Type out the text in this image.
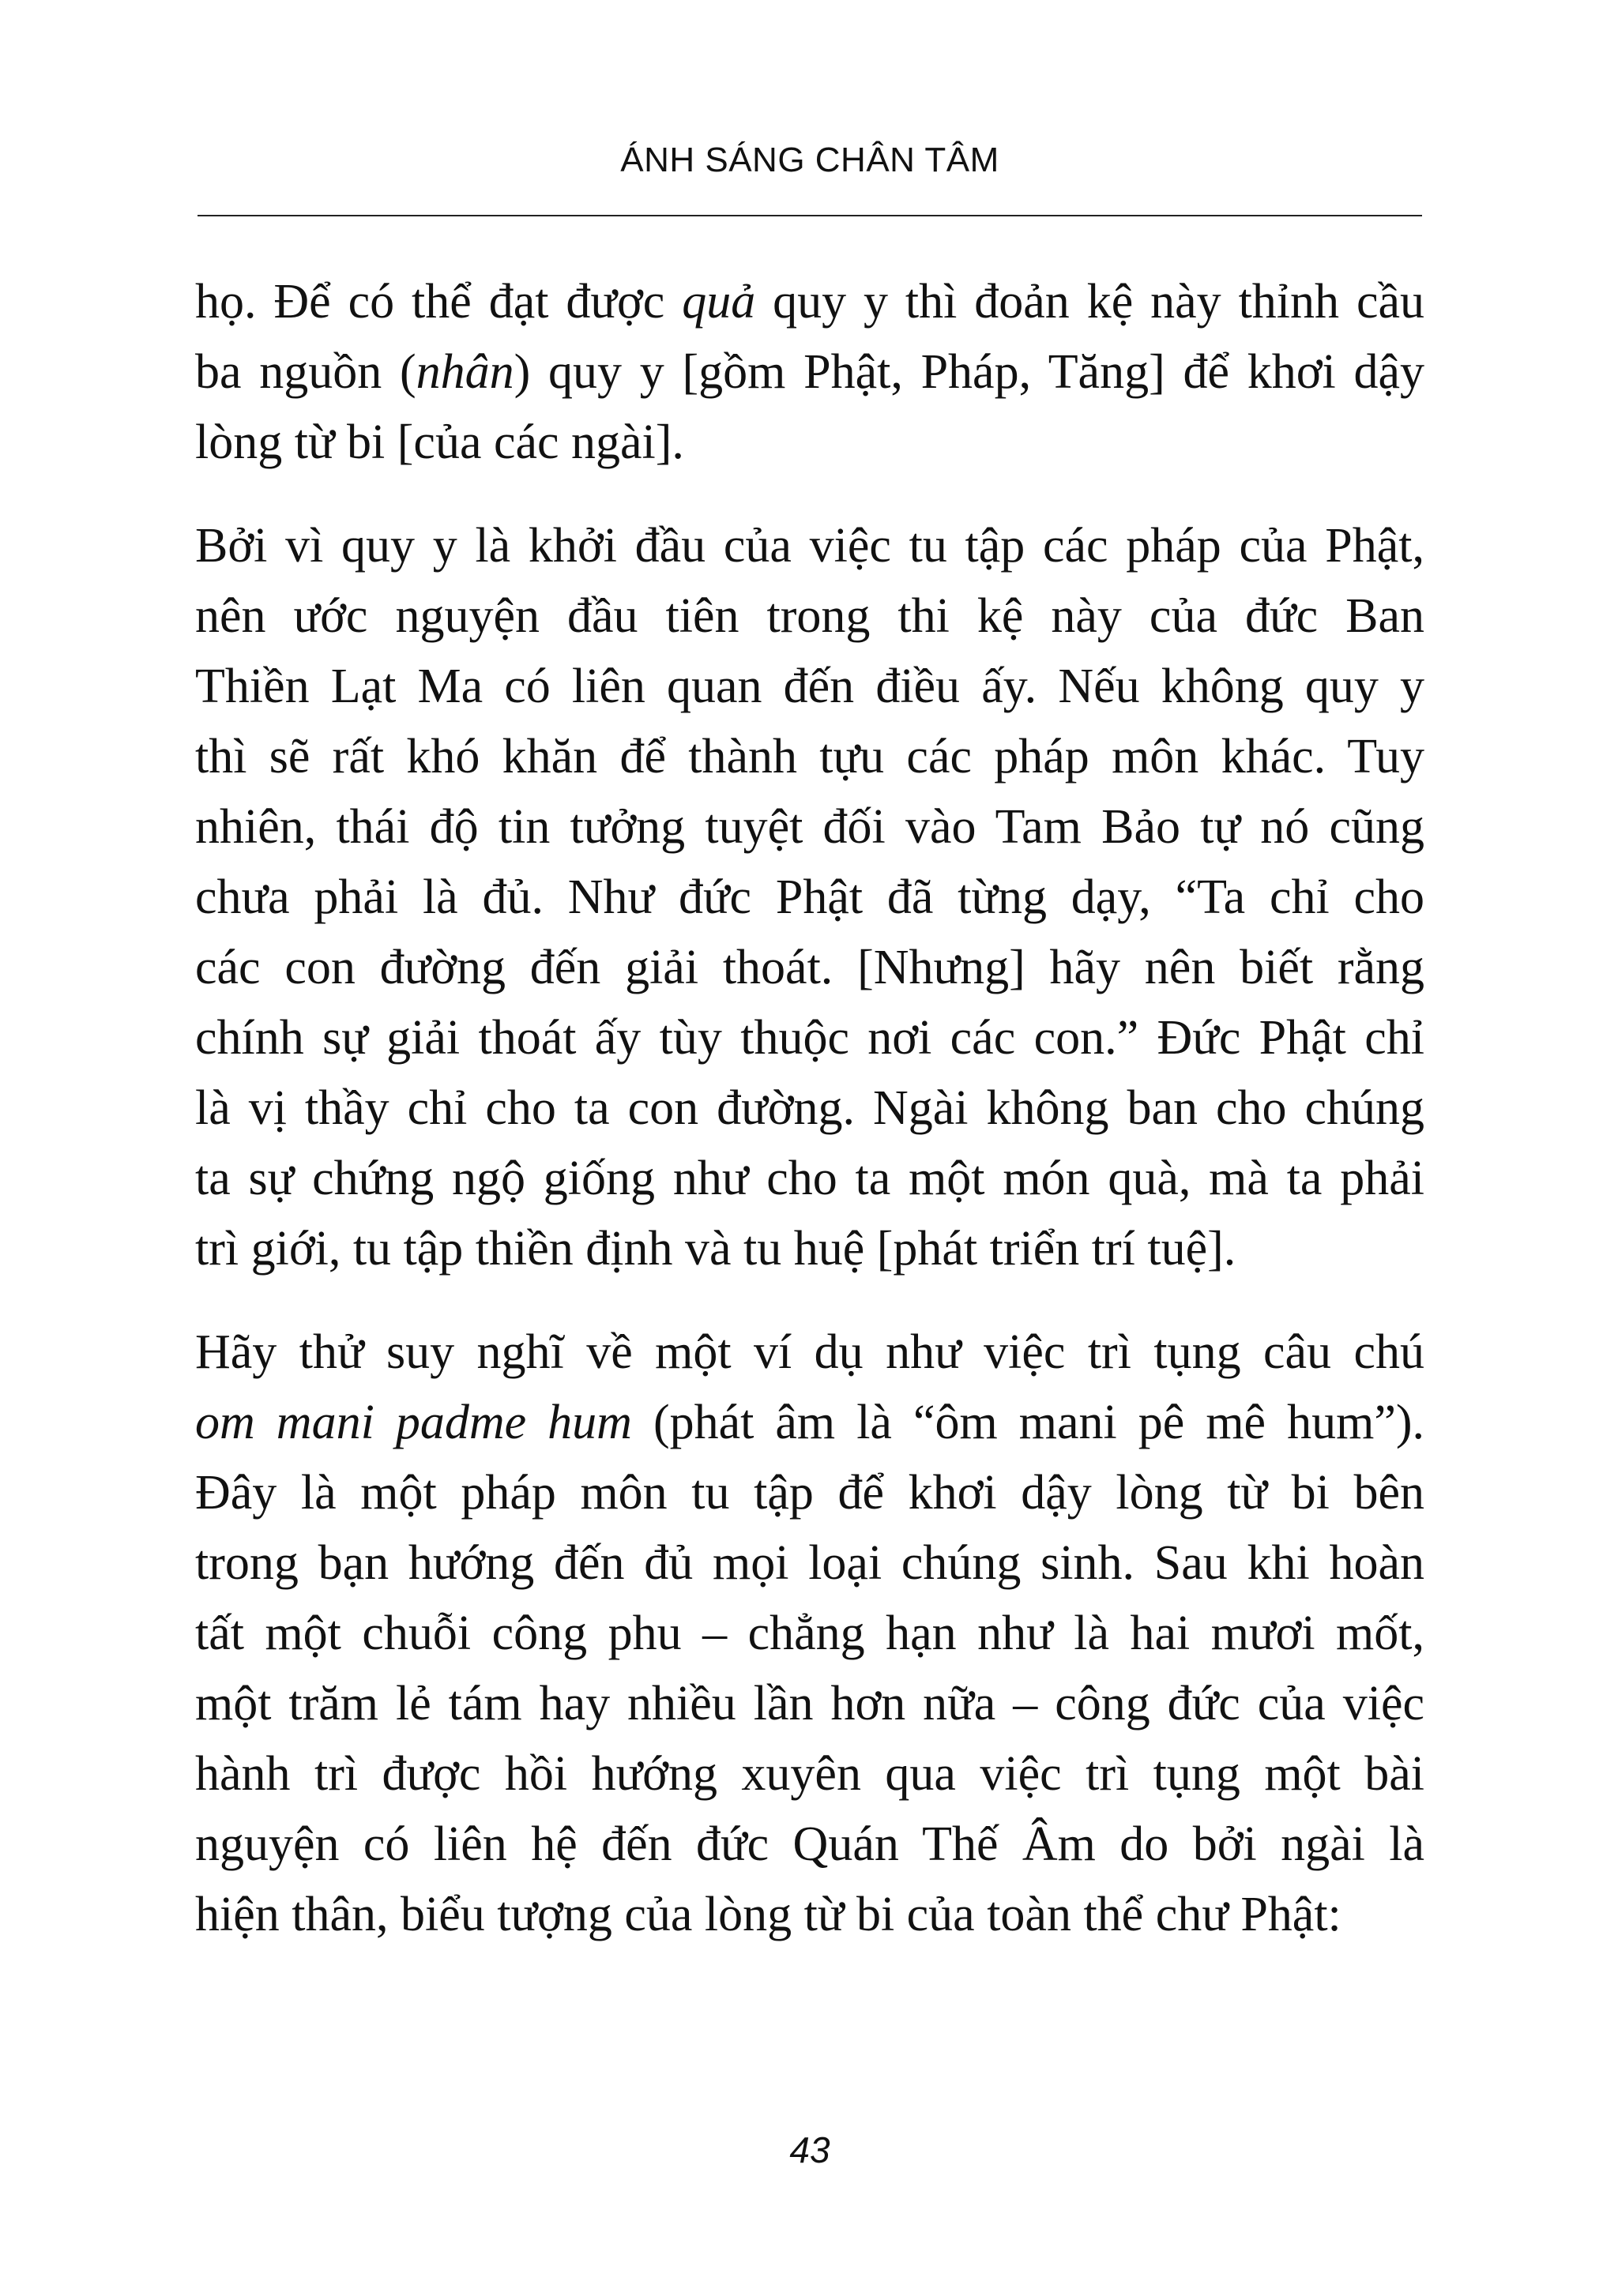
ÁNH SÁNG CHÂN TÂM
họ. Để có thể đạt được quả quy y thì đoản kệ này thỉnh cầu
ba nguồn (nhân) quy y [gồm Phật, Pháp, Tăng] để khơi dậy
lòng từ bi [của các ngài].
Bởi vì quy y là khởi đầu của việc tu tập các pháp của Phật,
nên ước nguyện đầu tiên trong thi kệ này của đức Ban
Thiền Lạt Ma có liên quan đến điều ấy. Nếu không quy y
thì sẽ rất khó khăn để thành tựu các pháp môn khác. Tuy
nhiên, thái độ tin tưởng tuyệt đối vào Tam Bảo tự nó cũng
chưa phải là đủ. Như đức Phật đã từng dạy, “Ta chỉ cho
các con đường đến giải thoát. [Nhưng] hãy nên biết rằng
chính sự giải thoát ấy tùy thuộc nơi các con.” Đức Phật chỉ
là vị thầy chỉ cho ta con đường. Ngài không ban cho chúng
ta sự chứng ngộ giống như cho ta một món quà, mà ta phải
trì giới, tu tập thiền định và tu huệ [phát triển trí tuệ].
Hãy thử suy nghĩ về một ví dụ như việc trì tụng câu chú
om mani padme hum (phát âm là “ôm mani pê mê hum”).
Đây là một pháp môn tu tập để khơi dậy lòng từ bi bên
trong bạn hướng đến đủ mọi loại chúng sinh. Sau khi hoàn
tất một chuỗi công phu – chẳng hạn như là hai mươi mốt,
một trăm lẻ tám hay nhiều lần hơn nữa – công đức của việc
hành trì được hồi hướng xuyên qua việc trì tụng một bài
nguyện có liên hệ đến đức Quán Thế Âm do bởi ngài là
hiện thân, biểu tượng của lòng từ bi của toàn thể chư Phật:
43
